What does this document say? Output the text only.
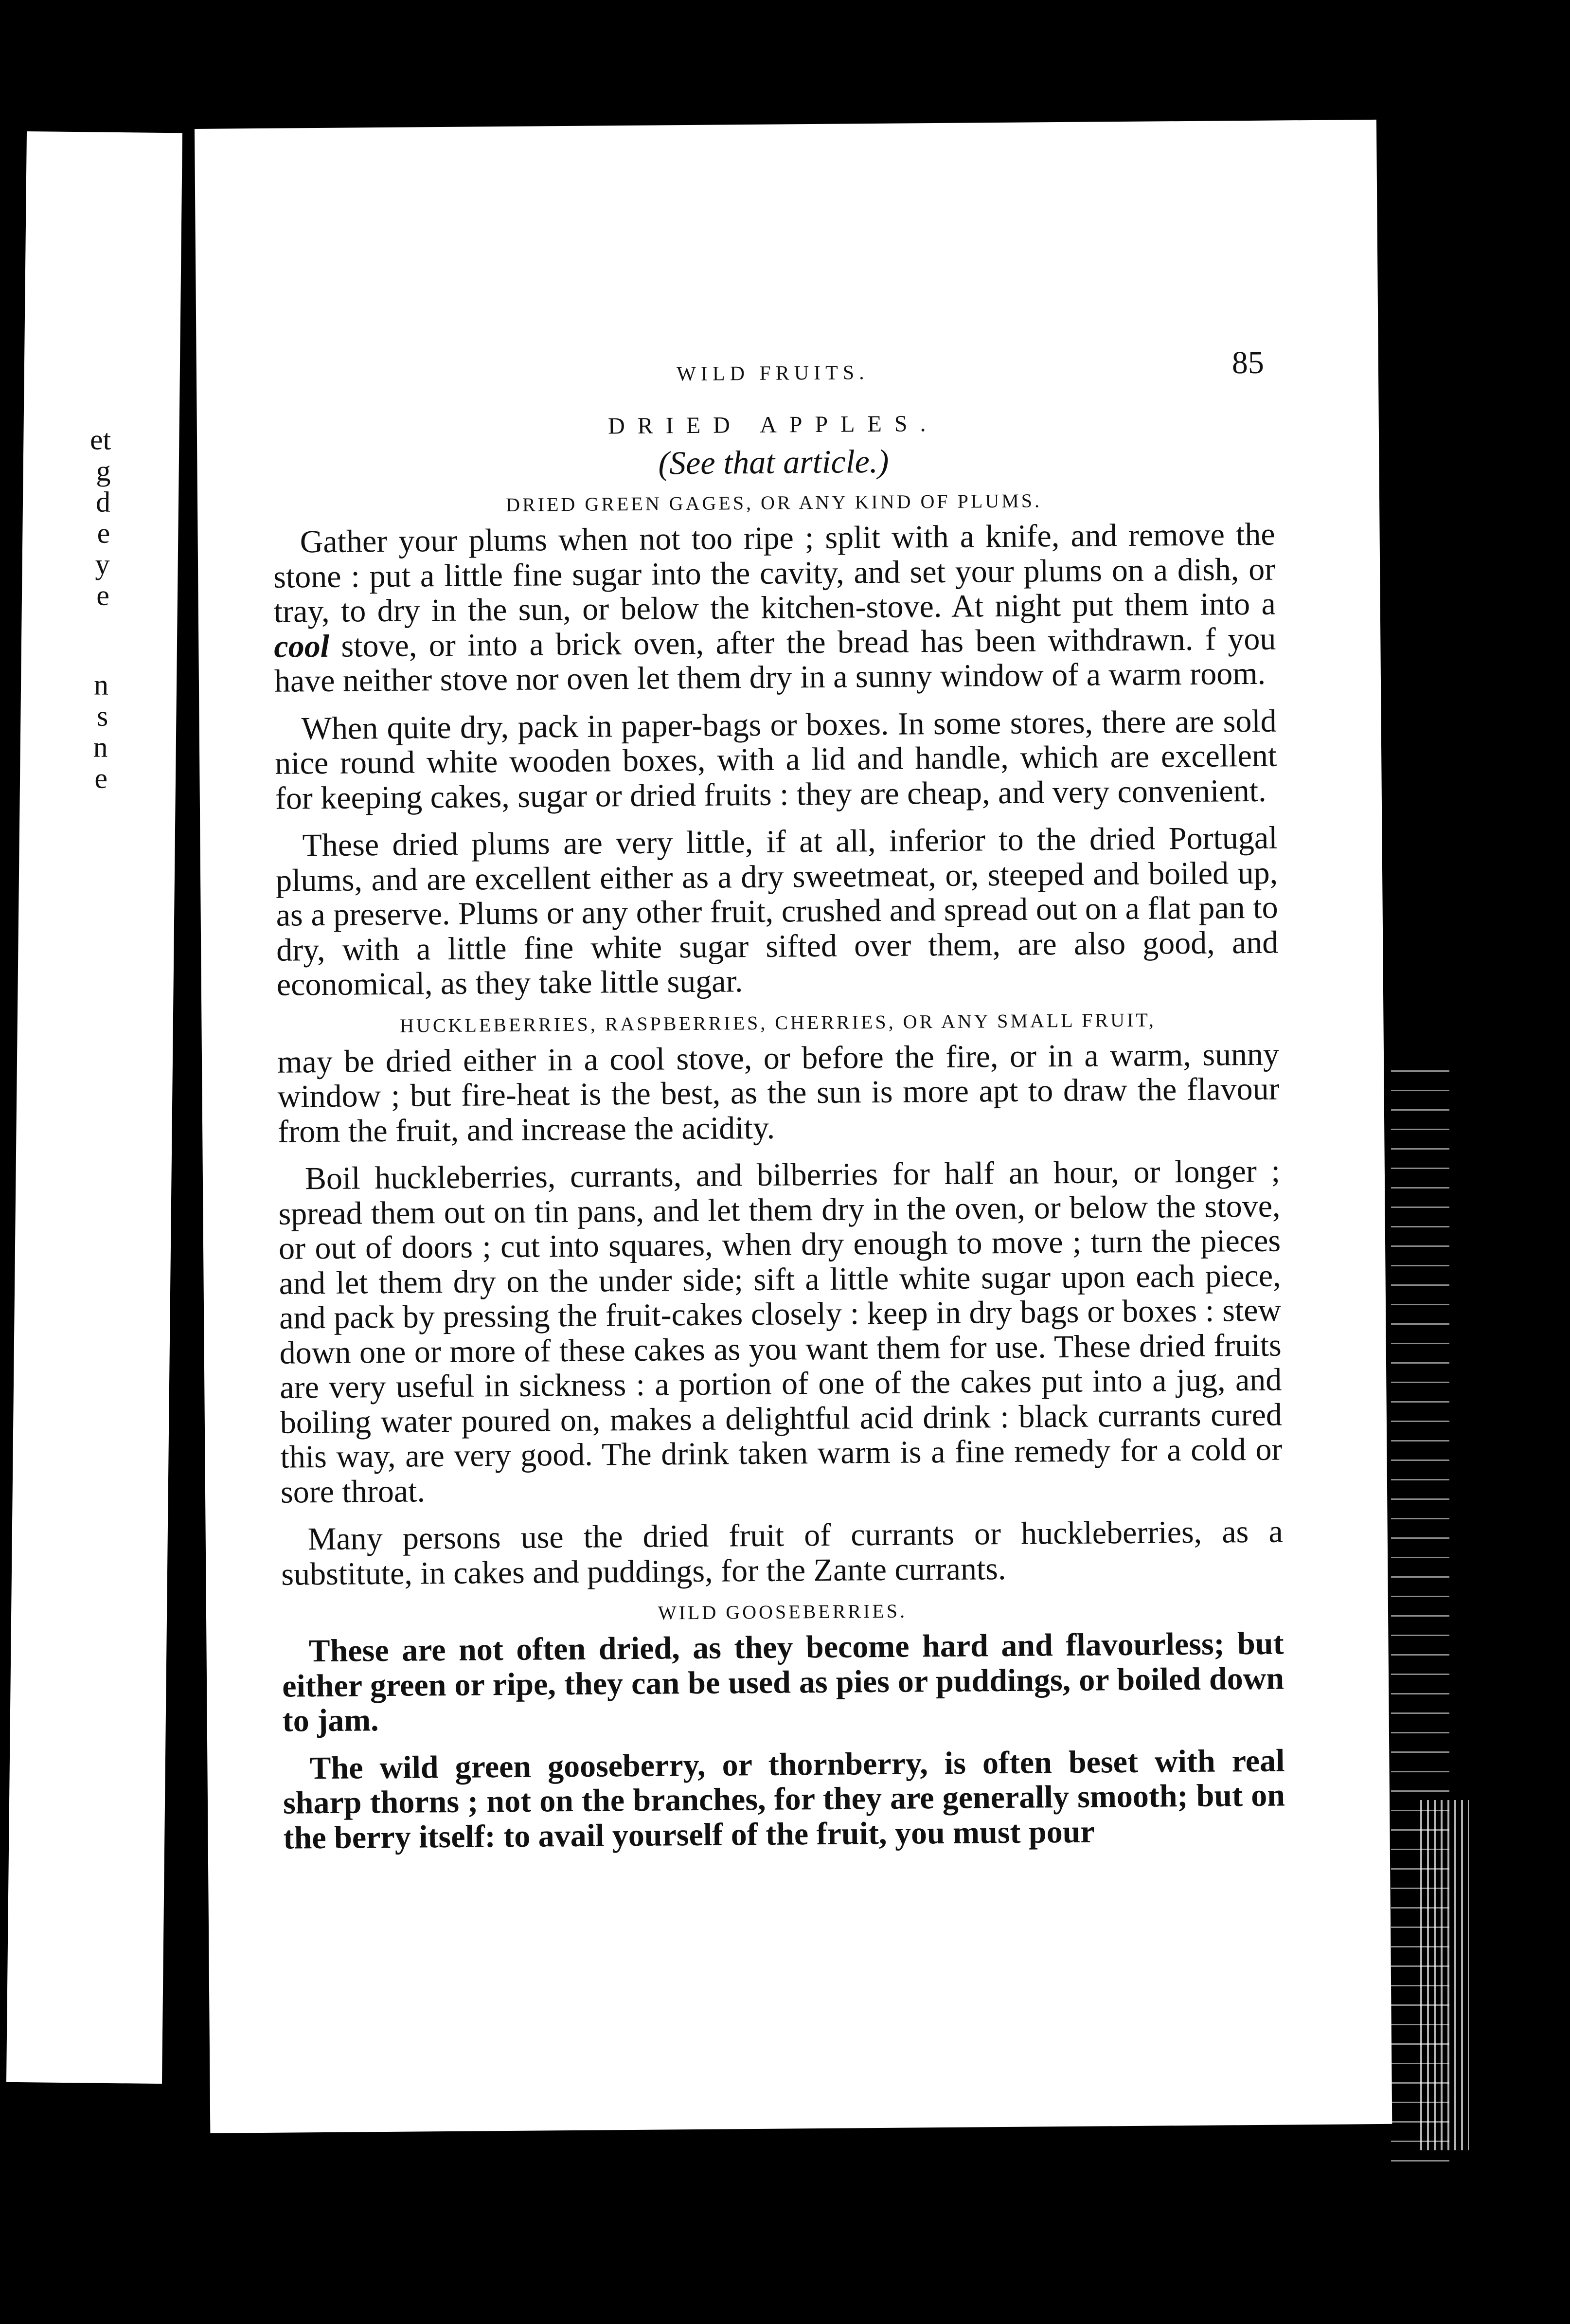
et
g
d
e
y
e
n
s
n
e
WILD FRUITS.	85
DRIED APPLES.
(See that article.)
DRIED GREEN GAGES, OR ANY KIND OF PLUMS.

Gather your plums when not too ripe ; split with a knife, and remove the stone : put a little fine sugar into the cavity, and set your plums on a dish, or tray, to dry in the sun, or below the kitchen-stove. At night put them into a cool stove, or into a brick oven, after the bread has been withdrawn. f you have neither stove nor oven let them dry in a sunny window of a warm room.

When quite dry, pack in paper-bags or boxes. In some stores, there are sold nice round white wooden boxes, with a lid and handle, which are excellent for keeping cakes, sugar or dried fruits : they are cheap, and very convenient.

These dried plums are very little, if at all, inferior to the dried Portugal plums, and are excellent either as a dry sweetmeat, or, steeped and boiled up, as a preserve. Plums or any other fruit, crushed and spread out on a flat pan to dry, with a little fine white sugar sifted over them, are also good, and economical, as they take little sugar.

HUCKLEBERRIES, RASPBERRIES, CHERRIES, OR ANY SMALL FRUIT,

may be dried either in a cool stove, or before the fire, or in a warm, sunny window ; but fire-heat is the best, as the sun is more apt to draw the flavour from the fruit, and increase the acidity.

Boil huckleberries, currants, and bilberries for half an hour, or longer ; spread them out on tin pans, and let them dry in the oven, or below the stove, or out of doors ; cut into squares, when dry enough to move ; turn the pieces and let them dry on the under side; sift a little white sugar upon each piece, and pack by pressing the fruit-cakes closely : keep in dry bags or boxes : stew down one or more of these cakes as you want them for use. These dried fruits are very useful in sickness : a portion of one of the cakes put into a jug, and boiling water poured on, makes a delightful acid drink : black currants cured this way, are very good. The drink taken warm is a fine remedy for a cold or sore throat.

Many persons use the dried fruit of currants or huckleberries, as a substitute, in cakes and puddings, for the Zante currants.

WILD GOOSEBERRIES.

These are not often dried, as they become hard and flavourless; but either green or ripe, they can be used as pies or puddings, or boiled down to jam.

The wild green gooseberry, or thornberry, is often beset with real sharp thorns ; not on the branches, for they are generally smooth; but on the berry itself: to avail yourself of the fruit, you must pour
